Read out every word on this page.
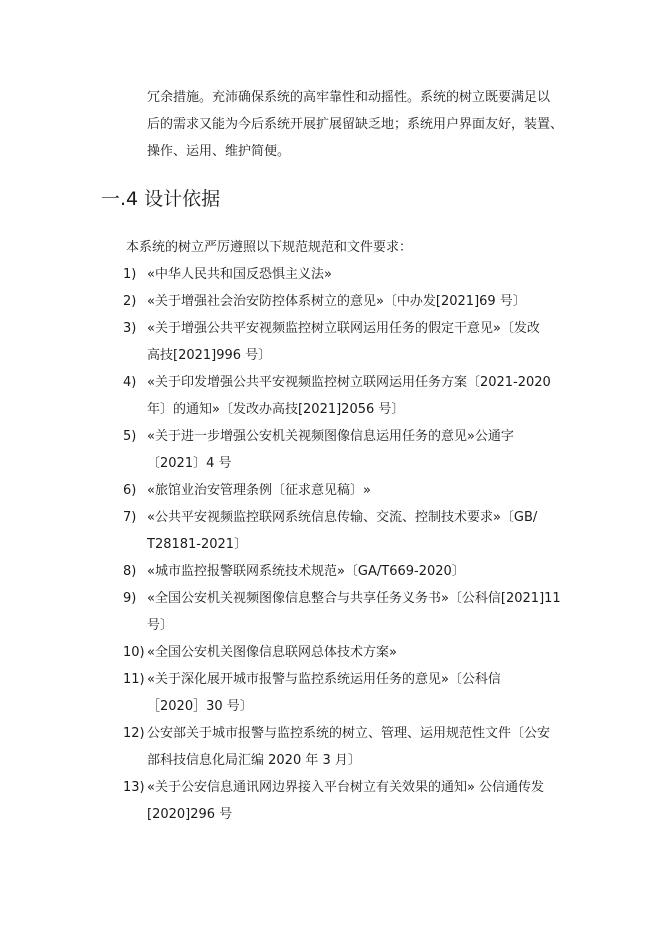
冗余措施。充沛确保系统的高牢靠性和动摇性。系统的树立既要满足以
后的需求又能为今后系统开展扩展留缺乏地；系统用户界面友好，装置、
操作、运用、维护简便。
一.4 设计依据
本系统的树立严厉遵照以下规范规范和文件要求：
1) «中华人民共和国反恐惧主义法»
2) «关于增强社会治安防控体系树立的意见»〔中办发[2021]69 号〕
3) «关于增强公共平安视频监控树立联网运用任务的假定干意见»〔发改
高技[2021]996 号〕
4) «关于印发增强公共平安视频监控树立联网运用任务方案〔2021-2020
年〕的通知»〔发改办高技[2021]2056 号〕
5) «关于进一步增强公安机关视频图像信息运用任务的意见»公通字
〔2021〕4 号
6) «旅馆业治安管理条例〔征求意见稿〕»
7) «公共平安视频监控联网系统信息传输、交流、控制技术要求»〔GB/
T28181-2021〕
8) «城市监控报警联网系统技术规范»〔GA/T669-2020〕
9) «全国公安机关视频图像信息整合与共享任务义务书»〔公科信[2021]11
号〕
10) «全国公安机关图像信息联网总体技术方案»
11) «关于深化展开城市报警与监控系统运用任务的意见»〔公科信
［2020］30 号〕
12) 公安部关于城市报警与监控系统的树立、管理、运用规范性文件〔公安
部科技信息化局汇编 2020 年 3 月〕
13) «关于公安信息通讯网边界接入平台树立有关效果的通知» 公信通传发
[2020]296 号
